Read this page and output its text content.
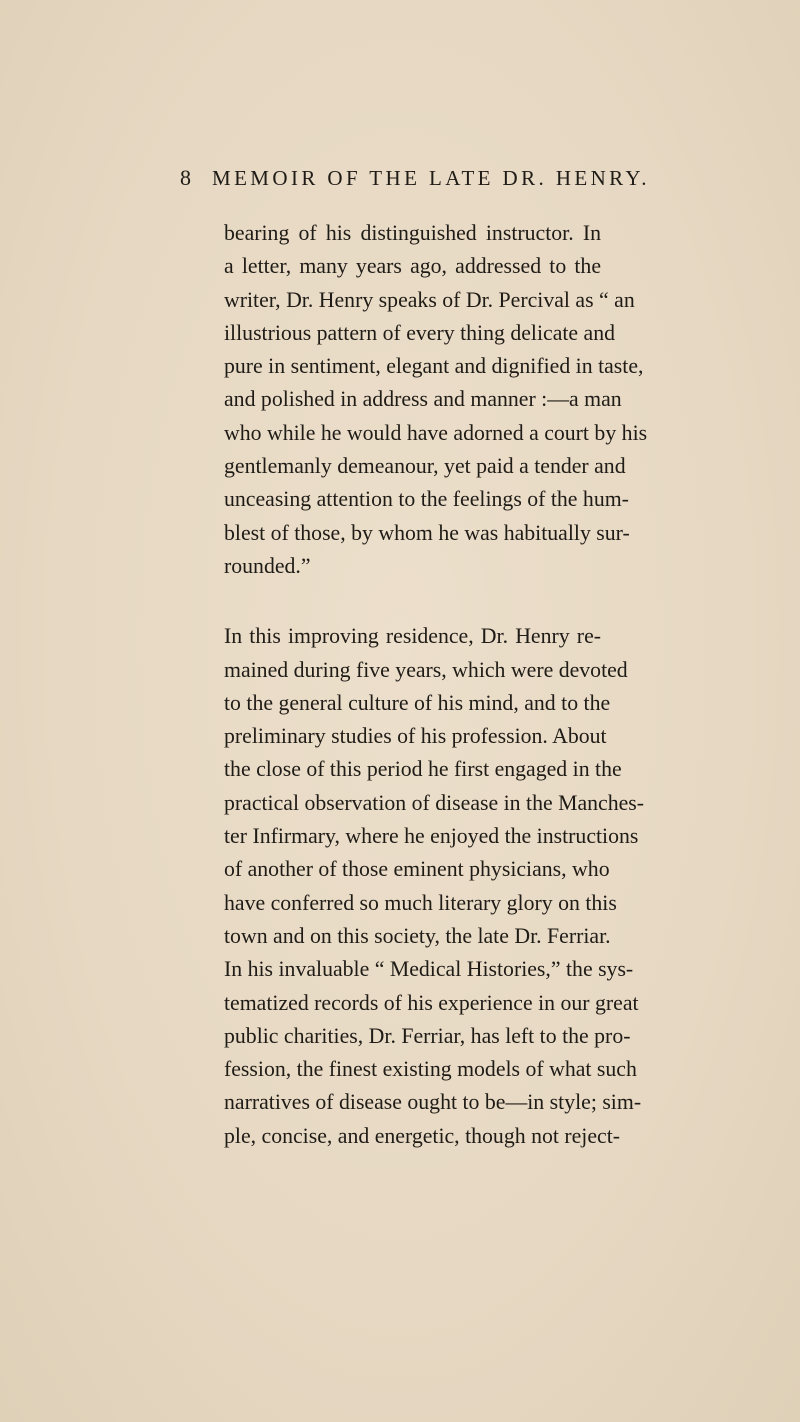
8 MEMOIR OF THE LATE DR. HENRY.
bearing of his distinguished instructor. In
a letter, many years ago, addressed to the
writer, Dr. Henry speaks of Dr. Percival as “ an
illustrious pattern of every thing delicate and
pure in sentiment, elegant and dignified in taste,
and polished in address and manner :—a man
who while he would have adorned a court by his
gentlemanly demeanour, yet paid a tender and
unceasing attention to the feelings of the hum-
blest of those, by whom he was habitually sur-
rounded.”
In this improving residence, Dr. Henry re-
mained during five years, which were devoted
to the general culture of his mind, and to the
preliminary studies of his profession. About
the close of this period he first engaged in the
practical observation of disease in the Manches-
ter Infirmary, where he enjoyed the instructions
of another of those eminent physicians, who
have conferred so much literary glory on this
town and on this society, the late Dr. Ferriar.
In his invaluable “ Medical Histories,” the sys-
tematized records of his experience in our great
public charities, Dr. Ferriar, has left to the pro-
fession, the finest existing models of what such
narratives of disease ought to be—in style; sim-
ple, concise, and energetic, though not reject-
